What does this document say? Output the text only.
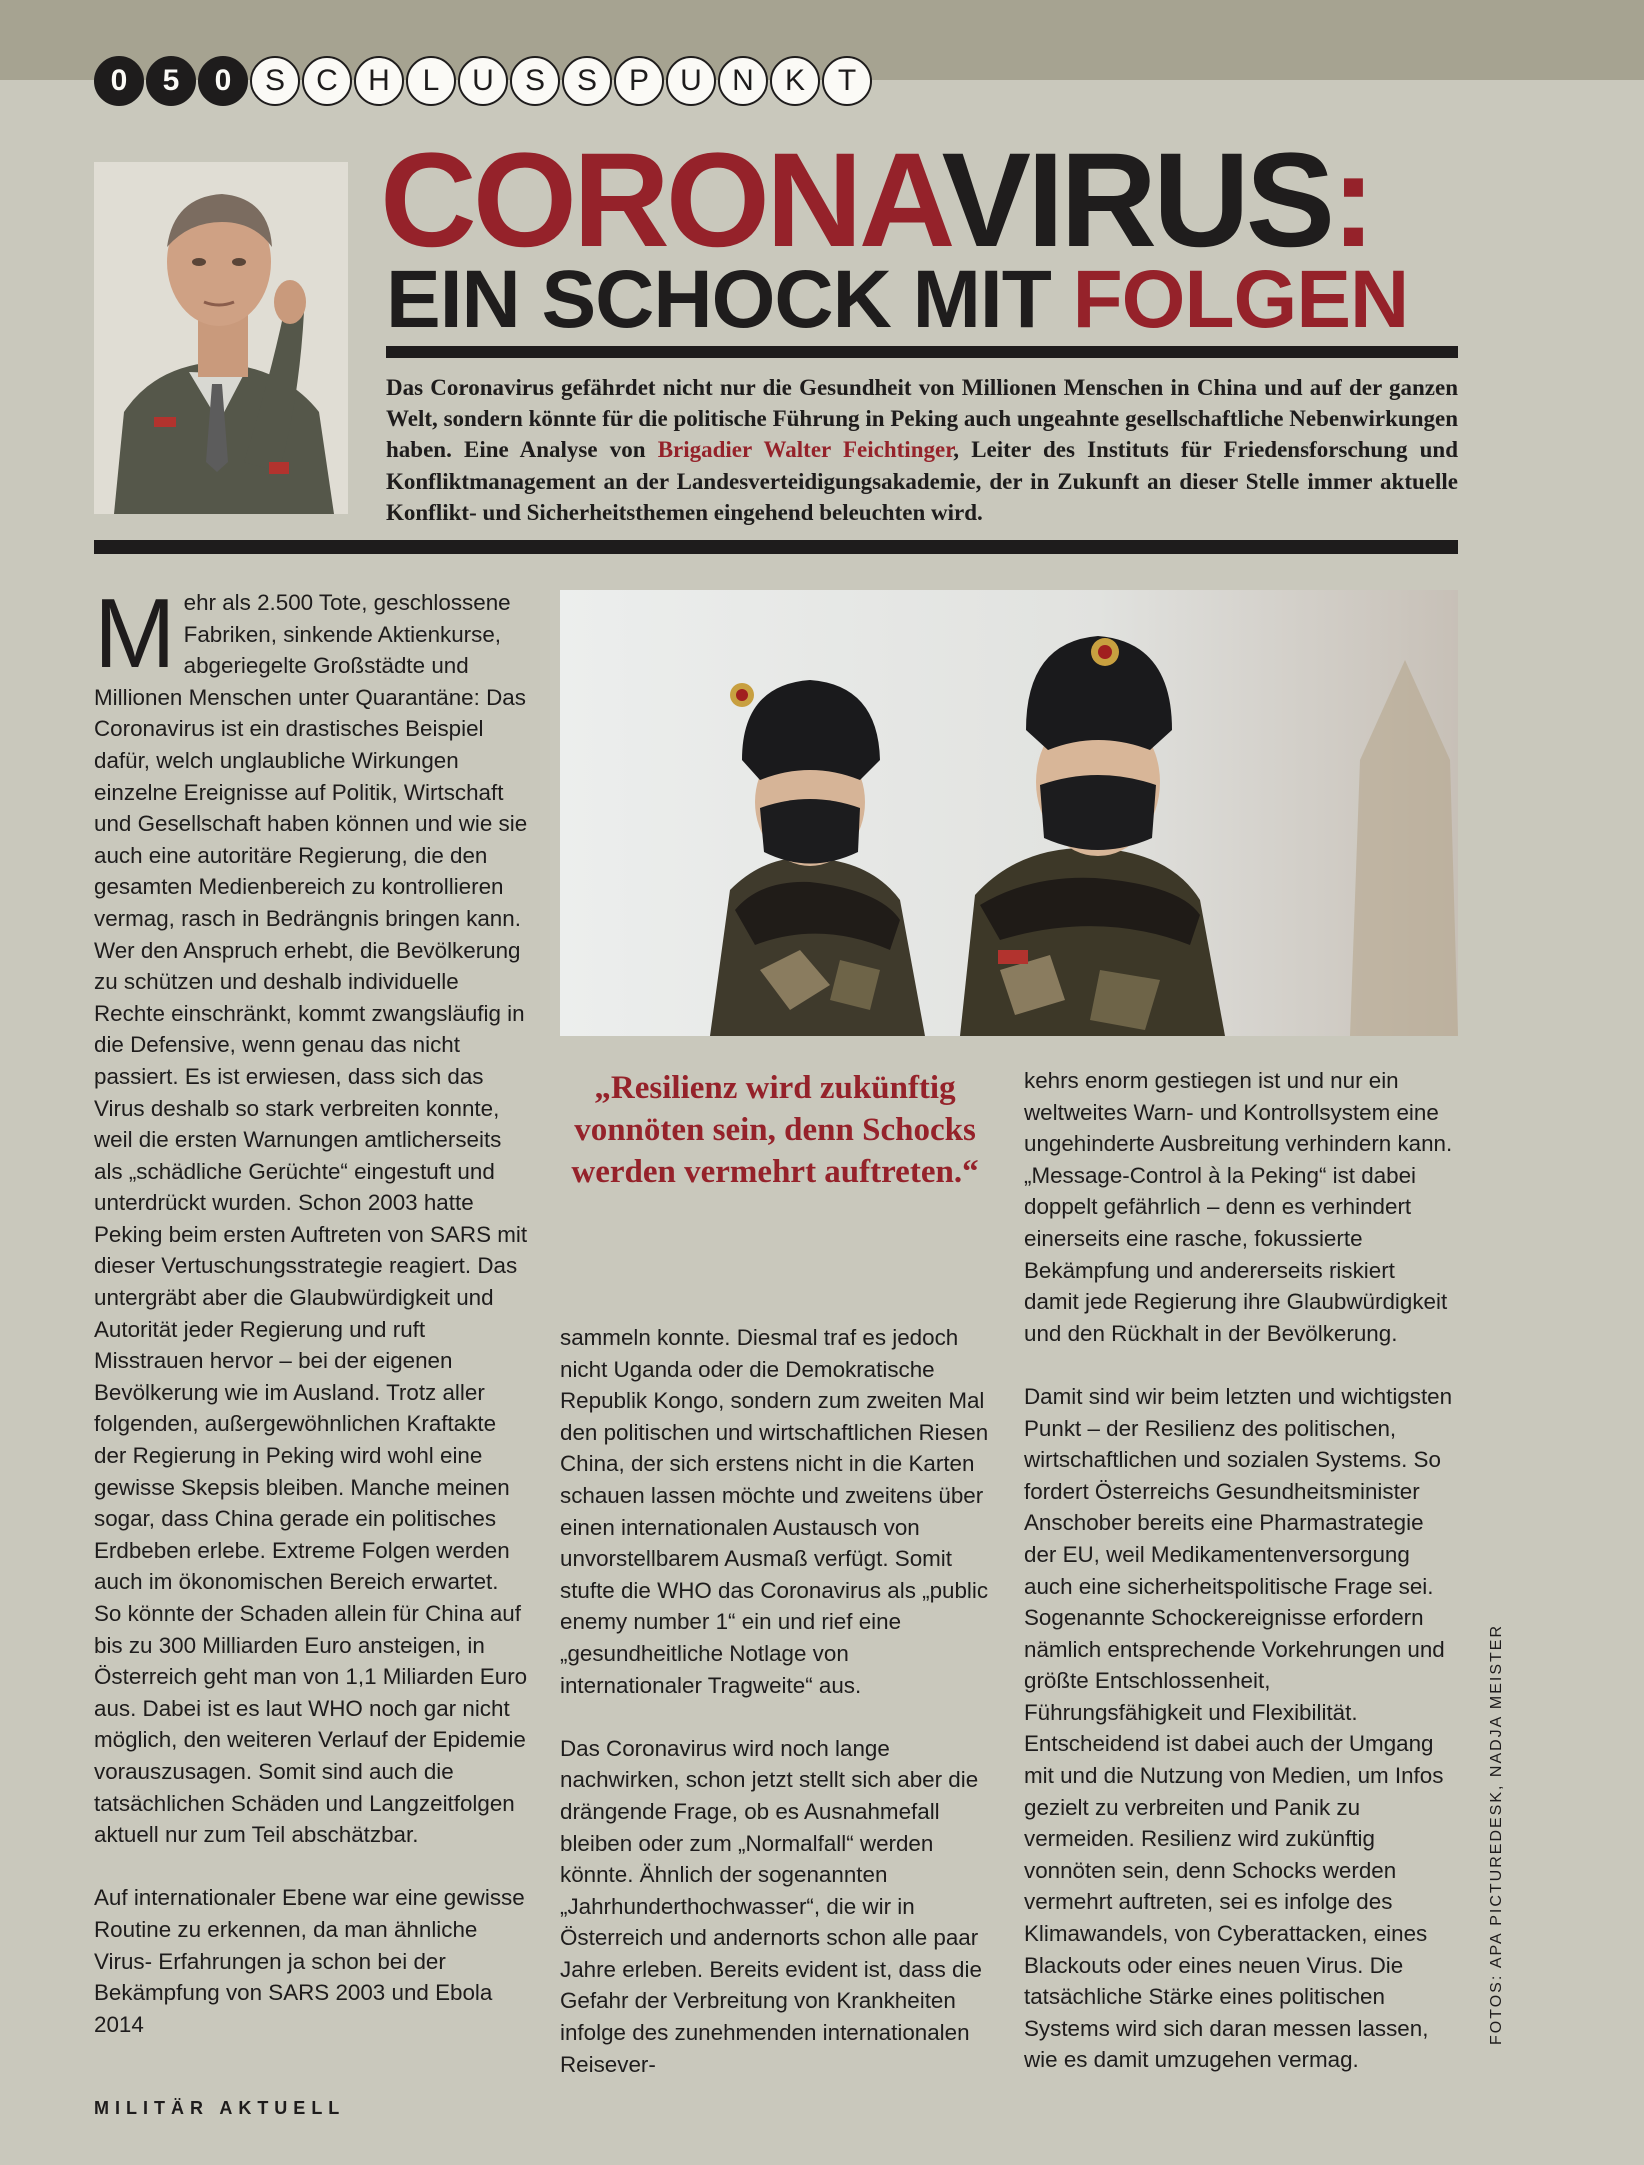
0	5	0	S	C	H	L	U	S	S	P	U	N	K	T
CORONAVIRUS:
EIN SCHOCK MIT FOLGEN
Das Coronavirus gefährdet nicht nur die Gesundheit von Millionen Menschen in China und auf der ganzen Welt, sondern könnte für die politische Führung in Peking auch ungeahnte gesellschaftliche Nebenwirkungen haben. Eine Analyse von Brigadier Walter Feichtinger, Leiter des Instituts für Friedensforschung und Konfliktmanagement an der Landesverteidigungsakademie, der in Zukunft an dieser Stelle immer aktuelle Konflikt- und Sicherheitsthemen eingehend beleuchten wird.

Mehr als 2.500 Tote, geschlossene Fabriken, sinkende Aktienkurse, abgeriegelte Großstädte und Millionen Menschen unter Quarantäne: Das Coronavirus ist ein drastisches Beispiel dafür, welch unglaubliche Wirkungen einzelne Ereignisse auf Politik, Wirtschaft und Gesellschaft haben können und wie sie auch eine autoritäre Regierung, die den gesamten Medienbereich zu kontrollieren vermag, rasch in Bedrängnis bringen kann. Wer den Anspruch erhebt, die Bevölkerung zu schützen und deshalb individuelle Rechte einschränkt, kommt zwangsläufig in die Defensive, wenn genau das nicht passiert. Es ist erwiesen, dass sich das Virus deshalb so stark verbreiten konnte, weil die ersten Warnungen amtlicherseits als „schädliche Gerüchte“ eingestuft und unterdrückt wurden. Schon 2003 hatte Peking beim ersten Auftreten von SARS mit dieser Vertuschungsstrategie reagiert. Das untergräbt aber die Glaubwürdigkeit und Autorität jeder Regierung und ruft Misstrauen hervor – bei der eigenen Bevölkerung wie im Ausland. Trotz aller folgenden, außergewöhnlichen Kraftakte der Regierung in Peking wird wohl eine gewisse Skepsis bleiben. Manche meinen sogar, dass China gerade ein politisches Erdbeben erlebe. Extreme Folgen werden auch im ökonomischen Bereich erwartet. So könnte der Schaden allein für China auf bis zu 300 Milliarden Euro ansteigen, in Österreich geht man von 1,1 Miliarden Euro aus. Dabei ist es laut WHO noch gar nicht möglich, den weiteren Verlauf der Epidemie vorauszusagen. Somit sind auch die tatsächlichen Schäden und Langzeitfolgen aktuell nur zum Teil abschätzbar.

Auf internationaler Ebene war eine gewisse Routine zu erkennen, da man ähnliche Virus- Erfahrungen ja schon bei der Bekämpfung von SARS 2003 und Ebola 2014

„Resilienz wird zukünftig vonnöten sein, denn Schocks werden vermehrt auftreten.“

sammeln konnte. Diesmal traf es jedoch nicht Uganda oder die Demokratische Republik Kongo, sondern zum zweiten Mal den politischen und wirtschaftlichen Riesen China, der sich erstens nicht in die Karten schauen lassen möchte und zweitens über einen internationalen Austausch von unvorstellbarem Ausmaß verfügt. Somit stufte die WHO das Coronavirus als „public enemy number 1“ ein und rief eine „gesundheitliche Notlage von internationaler Tragweite“ aus.

Das Coronavirus wird noch lange nachwirken, schon jetzt stellt sich aber die drängende Frage, ob es Ausnahmefall bleiben oder zum „Normalfall“ werden könnte. Ähnlich der sogenannten „Jahrhunderthochwasser“, die wir in Österreich und andernorts schon alle paar Jahre erleben. Bereits evident ist, dass die Gefahr der Verbreitung von Krankheiten infolge des zunehmenden internationalen Reisever-

kehrs enorm gestiegen ist und nur ein weltweites Warn- und Kontrollsystem eine ungehinderte Ausbreitung verhindern kann. „Message-Control à la Peking“ ist dabei doppelt gefährlich – denn es verhindert einerseits eine rasche, fokussierte Bekämpfung und andererseits riskiert damit jede Regierung ihre Glaubwürdigkeit und den Rückhalt in der Bevölkerung.

Damit sind wir beim letzten und wichtigsten Punkt – der Resilienz des politischen, wirtschaftlichen und sozialen Systems. So fordert Österreichs Gesundheitsminister Anschober bereits eine Pharmastrategie der EU, weil Medikamentenversorgung auch eine sicherheitspolitische Frage sei. Sogenannte Schockereignisse erfordern nämlich entsprechende Vorkehrungen und größte Entschlossenheit, Führungsfähigkeit und Flexibilität. Entscheidend ist dabei auch der Umgang mit und die Nutzung von Medien, um Infos gezielt zu verbreiten und Panik zu vermeiden. Resilienz wird zukünftig vonnöten sein, denn Schocks werden vermehrt auftreten, sei es infolge des Klimawandels, von Cyberattacken, eines Blackouts oder eines neuen Virus. Die tatsächliche Stärke eines politischen Systems wird sich daran messen lassen, wie es damit umzugehen vermag.

FOTOS: APA PICTUREDESK, NADJA MEISTER
MILITÄR AKTUELL
